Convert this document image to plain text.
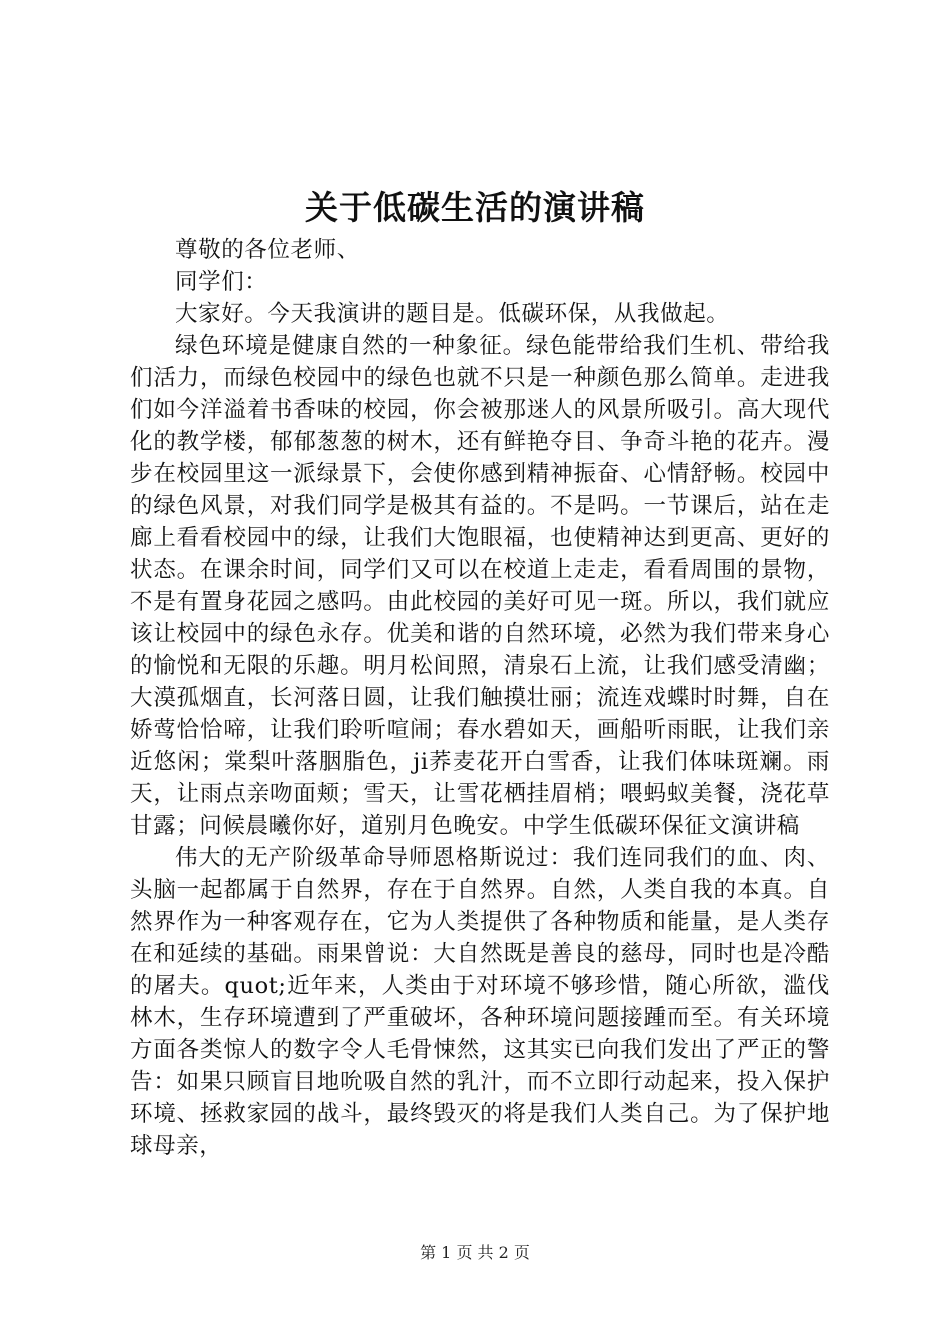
关于低碳生活的演讲稿

尊敬的各位老师、

同学们：

大家好。今天我演讲的题目是。低碳环保，从我做起。

绿色环境是健康自然的一种象征。绿色能带给我们生机、带给我们活力，而绿色校园中的绿色也就不只是一种颜色那么简单。走进我们如今洋溢着书香味的校园，你会被那迷人的风景所吸引。高大现代化的教学楼，郁郁葱葱的树木，还有鲜艳夺目、争奇斗艳的花卉。漫步在校园里这一派绿景下，会使你感到精神振奋、心情舒畅。校园中的绿色风景，对我们同学是极其有益的。不是吗。一节课后，站在走廊上看看校园中的绿，让我们大饱眼福，也使精神达到更高、更好的状态。在课余时间，同学们又可以在校道上走走，看看周围的景物，不是有置身花园之感吗。由此校园的美好可见一斑。所以，我们就应该让校园中的绿色永存。优美和谐的自然环境，必然为我们带来身心的愉悦和无限的乐趣。明月松间照，清泉石上流，让我们感受清幽；大漠孤烟直，长河落日圆，让我们触摸壮丽；流连戏蝶时时舞，自在娇莺恰恰啼，让我们聆听喧闹；春水碧如天，画船听雨眠，让我们亲近悠闲；棠梨叶落胭脂色，ji荞麦花开白雪香，让我们体味斑斓。雨天，让雨点亲吻面颊；雪天，让雪花栖挂眉梢；喂蚂蚁美餐，浇花草甘露；问候晨曦你好，道别月色晚安。中学生低碳环保征文演讲稿

伟大的无产阶级革命导师恩格斯说过：我们连同我们的血、肉、头脑一起都属于自然界，存在于自然界。自然，人类自我的本真。自然界作为一种客观存在，它为人类提供了各种物质和能量，是人类存在和延续的基础。雨果曾说：大自然既是善良的慈母，同时也是冷酷的屠夫。quot;近年来，人类由于对环境不够珍惜，随心所欲，滥伐林木，生存环境遭到了严重破坏，各种环境问题接踵而至。有关环境方面各类惊人的数字令人毛骨悚然，这其实已向我们发出了严正的警告：如果只顾盲目地吮吸自然的乳汁，而不立即行动起来，投入保护环境、拯救家园的战斗，最终毁灭的将是我们人类自己。为了保护地球母亲，

第 1 页 共 2 页
